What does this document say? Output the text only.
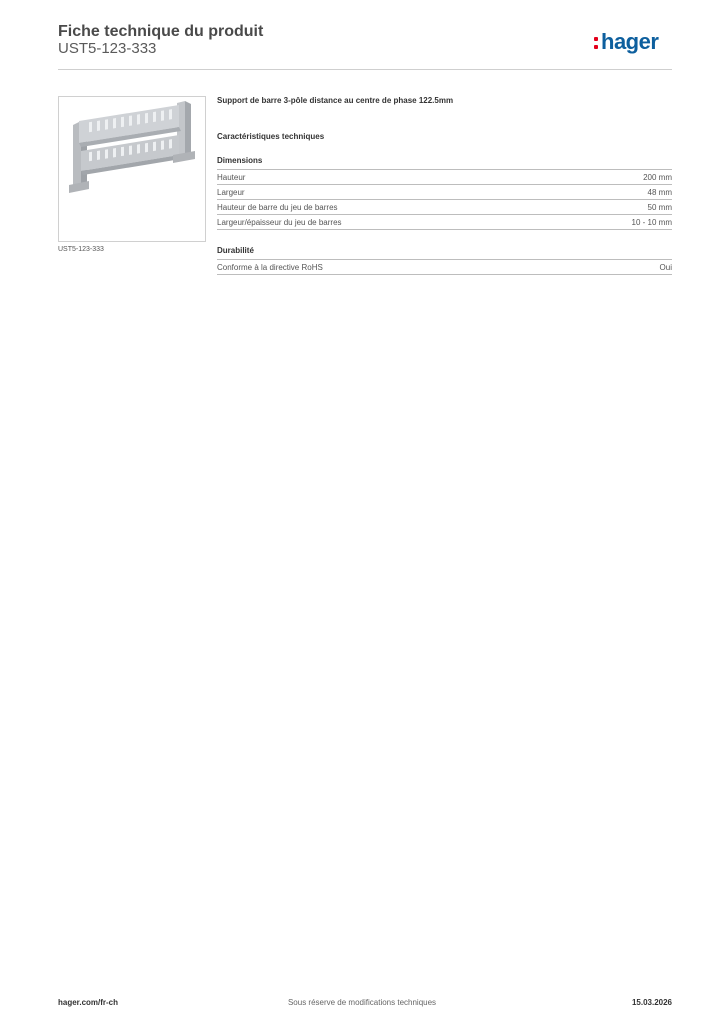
Fiche technique du produit
UST5-123-333	hager
UST5-123-333
Support de barre 3-pôle distance au centre de phase 122.5mm
Caractéristiques techniques
Dimensions
Hauteur	200 mm
Largeur	48 mm
Hauteur de barre du jeu de barres	50 mm
Largeur/épaisseur du jeu de barres	10 - 10 mm
Durabilité
Conforme à la directive RoHS	Oui
hager.com/fr-ch	Sous réserve de modifications techniques	15.03.2026
